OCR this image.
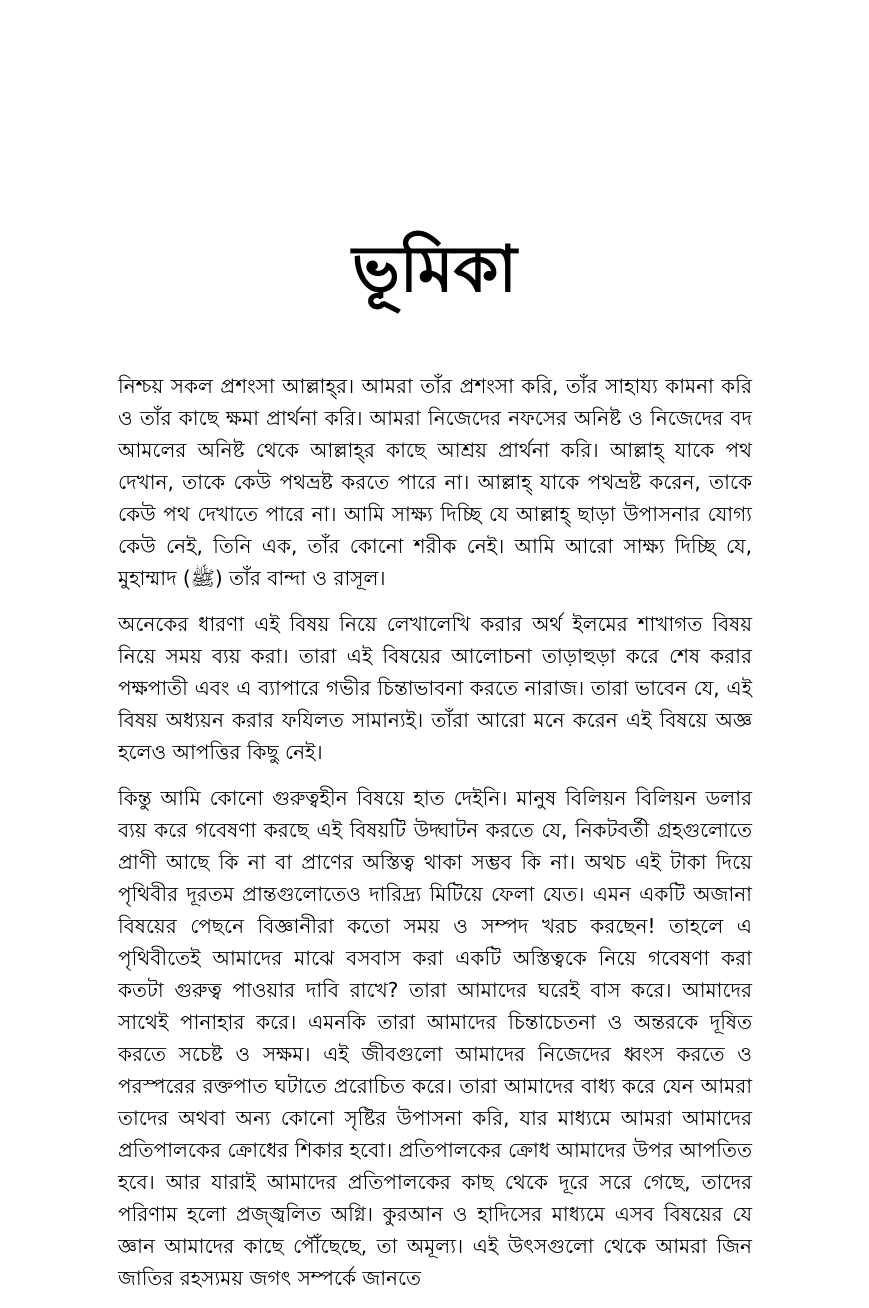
ভূমিকা

নিশ্চয় সকল প্রশংসা আল্লাহ্‌র। আমরা তাঁর প্রশংসা করি, তাঁর সাহায্য কামনা করি ও তাঁর কাছে ক্ষমা প্রার্থনা করি। আমরা নিজেদের নফসের অনিষ্ট ও নিজেদের বদ আমলের অনিষ্ট থেকে আল্লাহ্‌র কাছে আশ্রয় প্রার্থনা করি। আল্লাহ্‌ যাকে পথ দেখান, তাকে কেউ পথভ্রষ্ট করতে পারে না। আল্লাহ্‌ যাকে পথভ্রষ্ট করেন, তাকে কেউ পথ দেখাতে পারে না। আমি সাক্ষ্য দিচ্ছি যে আল্লাহ্‌ ছাড়া উপাসনার যোগ্য কেউ নেই, তিনি এক, তাঁর কোনো শরীক নেই। আমি আরো সাক্ষ্য দিচ্ছি যে, মুহাম্মাদ (ﷺ) তাঁর বান্দা ও রাসূল।

অনেকের ধারণা এই বিষয় নিয়ে লেখালেখি করার অর্থ ইলমের শাখাগত বিষয় নিয়ে সময় ব্যয় করা। তারা এই বিষয়ের আলোচনা তাড়াহুড়া করে শেষ করার পক্ষপাতী এবং এ ব্যাপারে গভীর চিন্তাভাবনা করতে নারাজ। তারা ভাবেন যে, এই বিষয় অধ্যয়ন করার ফযিলত সামান্যই। তাঁরা আরো মনে করেন এই বিষয়ে অজ্ঞ হলেও আপত্তির কিছু নেই।

কিন্তু আমি কোনো গুরুত্বহীন বিষয়ে হাত দেইনি। মানুষ বিলিয়ন বিলিয়ন ডলার ব্যয় করে গবেষণা করছে এই বিষয়টি উদ্ঘাটন করতে যে, নিকটবর্তী গ্রহগুলোতে প্রাণী আছে কি না বা প্রাণের অস্তিত্ব থাকা সম্ভব কি না। অথচ এই টাকা দিয়ে পৃথিবীর দূরতম প্রান্তগুলোতেও দারিদ্র্য মিটিয়ে ফেলা যেত। এমন একটি অজানা বিষয়ের পেছনে বিজ্ঞানীরা কতো সময় ও সম্পদ খরচ করছেন! তাহলে এ পৃথিবীতেই আমাদের মাঝে বসবাস করা একটি অস্তিত্বকে নিয়ে গবেষণা করা কতটা গুরুত্ব পাওয়ার দাবি রাখে? তারা আমাদের ঘরেই বাস করে। আমাদের সাথেই পানাহার করে। এমনকি তারা আমাদের চিন্তাচেতনা ও অন্তরকে দূষিত করতে সচেষ্ট ও সক্ষম। এই জীবগুলো আমাদের নিজেদের ধ্বংস করতে ও পরস্পরের রক্তপাত ঘটাতে প্ররোচিত করে। তারা আমাদের বাধ্য করে যেন আমরা তাদের অথবা অন্য কোনো সৃষ্টির উপাসনা করি, যার মাধ্যমে আমরা আমাদের প্রতিপালকের ক্রোধের শিকার হবো। প্রতিপালকের ক্রোধ আমাদের উপর আপতিত হবে। আর যারাই আমাদের প্রতিপালকের কাছ থেকে দূরে সরে গেছে, তাদের পরিণাম হলো প্রজ্জ্বলিত অগ্নি। কুরআন ও হাদিসের মাধ্যমে এসব বিষয়ের যে জ্ঞান আমাদের কাছে পৌঁছেছে, তা অমূল্য। এই উৎসগুলো থেকে আমরা জিন জাতির রহস্যময় জগৎ সম্পর্কে জানতে
